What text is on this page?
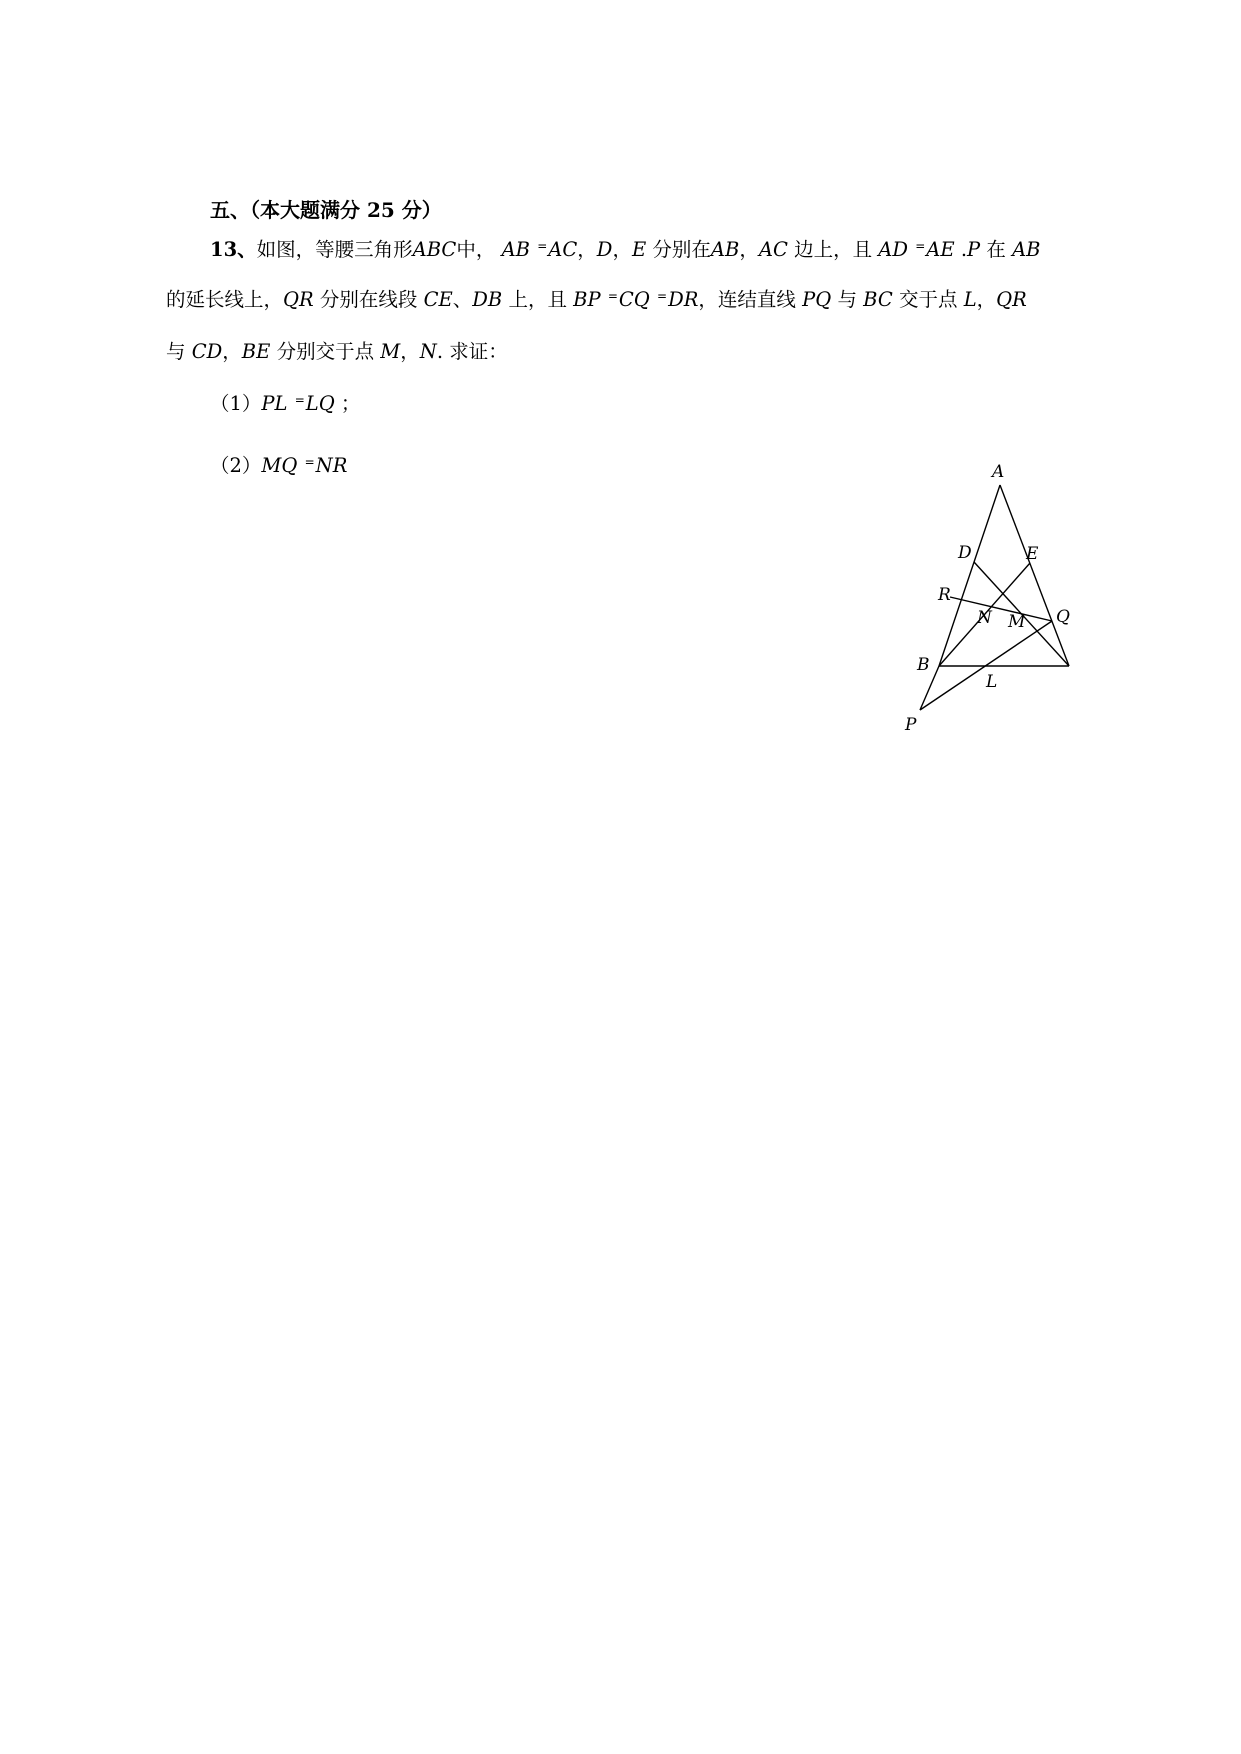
五、（本大题满分 25 分）
13、如图，等腰三角形ABC中， AB =AC，D，E 分别在AB，AC 边上，且 AD =AE .P 在 AB
的延长线上，QR 分别在线段 CE、DB 上，且 BP =CQ =DR，连结直线 PQ 与 BC 交于点 L，QR
与 CD，BE 分别交于点 M，N. 求证：
（1）PL =LQ ；
（2）MQ =NR	A
D	E
R
N M Q
B
L
P
